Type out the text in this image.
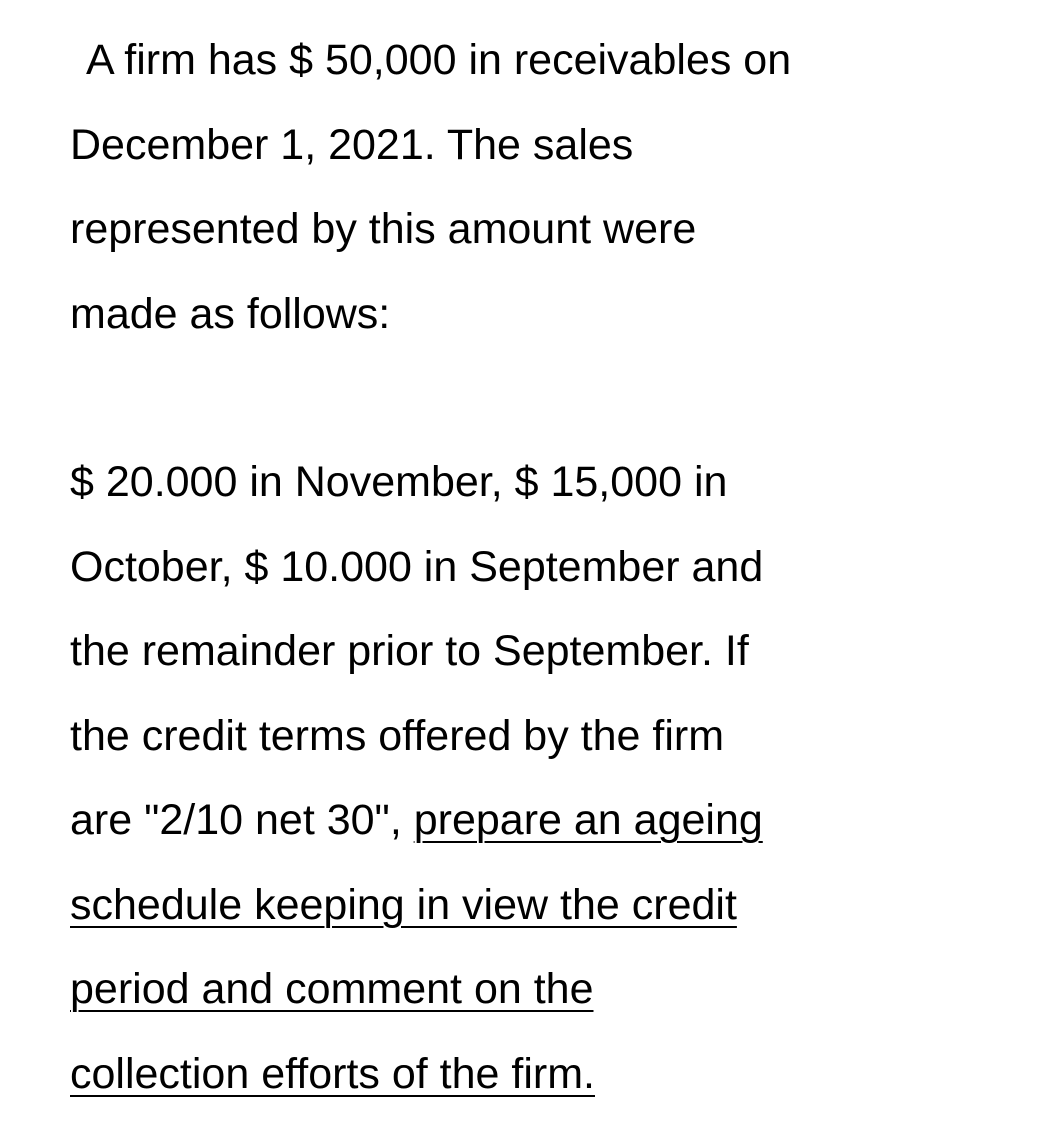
A firm has $ 50,000 in receivables on
December 1, 2021. The sales
represented by this amount were
made as follows:
$ 20.000 in November, $ 15,000 in
October, $ 10.000 in September and
the remainder prior to September. If
the credit terms offered by the firm
are "2/10 net 30", prepare an ageing
schedule keeping in view the credit
period and comment on the
collection efforts of the firm.
